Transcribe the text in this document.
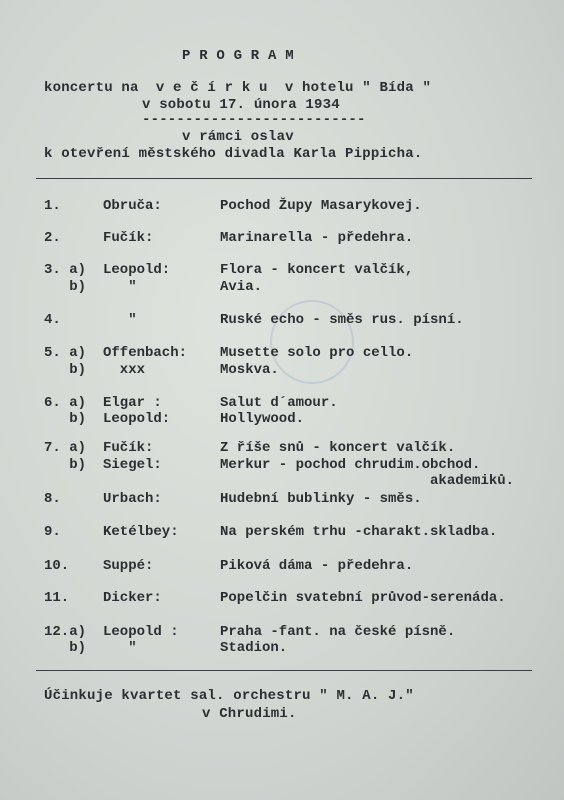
P R O G R A M
koncertu na  v e č í r k u  v hotelu " Bída "
v sobotu 17. února 1934
--------------------------
v rámci oslav
k otevření městského divadla Karla Pippicha.
1.	Obruča:	Pochod Župy Masarykovej.
2.	Fučík:	Marinarella - předehra.
3. a) Leopold:	Flora - koncert valčík,
b) "	Avia.
4.	"	Ruské echo - směs rus. písní.
5. a) Offenbach: Musette solo pro cello.
b) xxx	Moskva.
6. a) Elgar :	Salut d´amour.
b) Leopold:	Hollywood.
7. a) Fučík:	Z říše snů - koncert valčík.
b) Siegel:	Merkur - pochod chrudim.obchod.
akademiků.
8.	Urbach:	Hudební bublinky - směs.
9.	Ketélbey:	Na perském trhu -charakt.skladba.
10. Suppé:	Piková dáma - předehra.
11. Dicker:	Popelčin svatební průvod-serenáda.
12.a) Leopold :	Praha -fant. na české písně.
b) "	Stadion.
Účinkuje kvartet sal. orchestru " M. A. J."
v Chrudimi.
